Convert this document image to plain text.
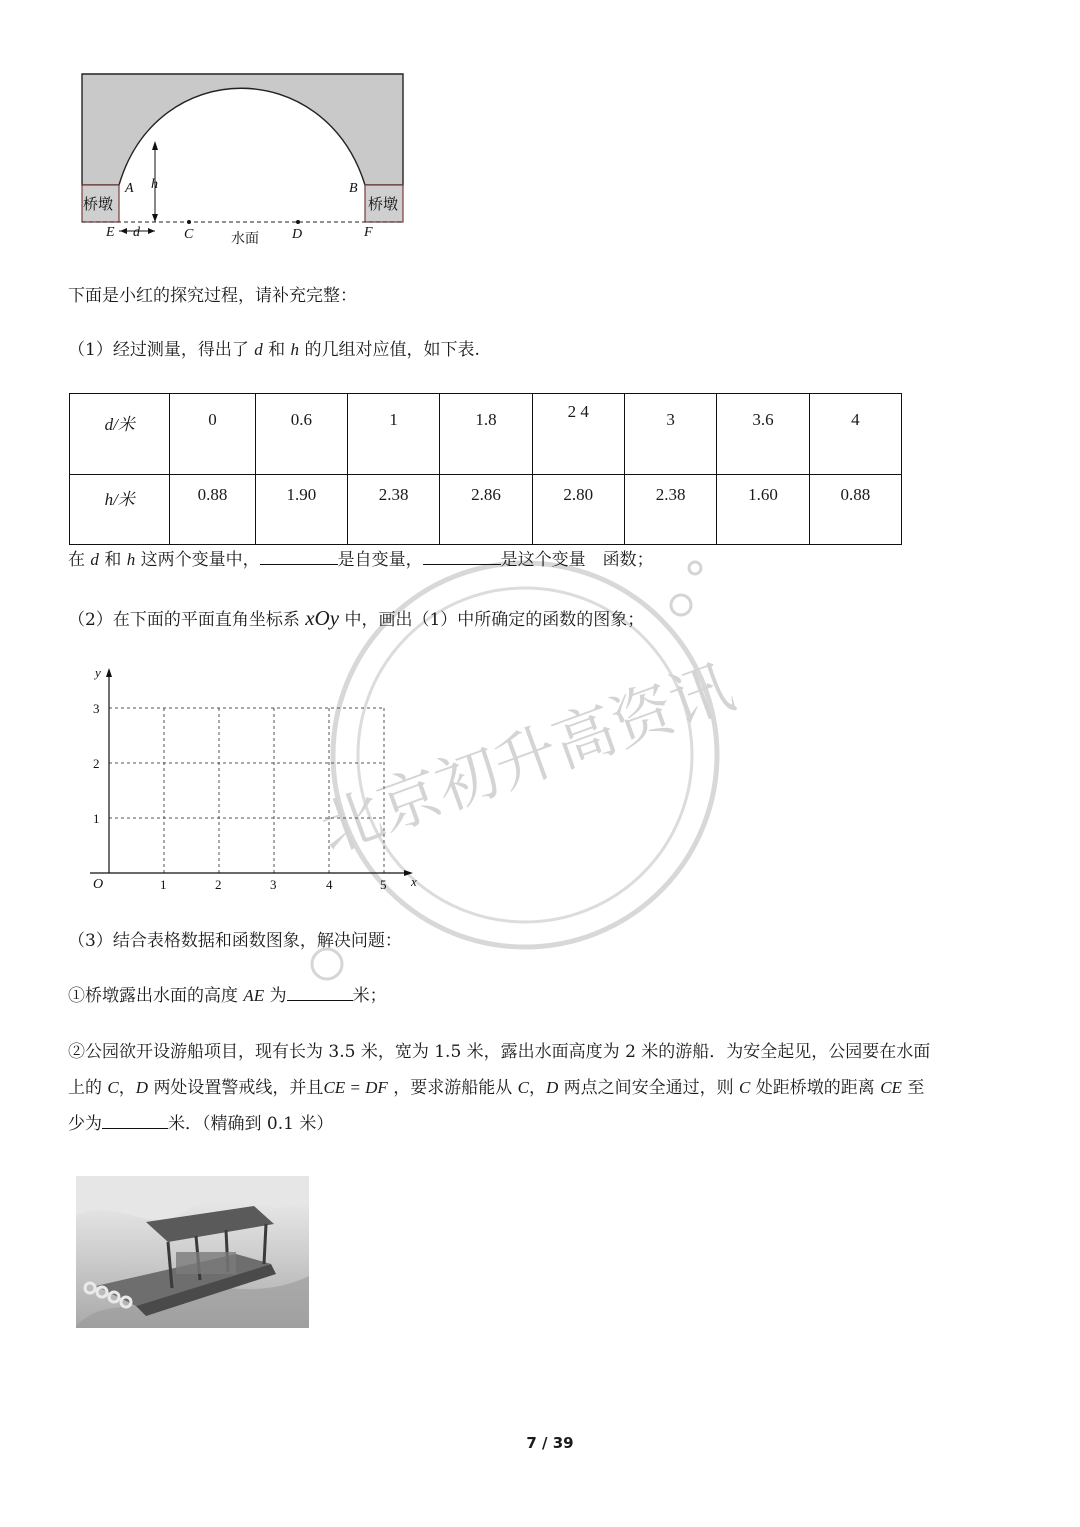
桥墩	桥墩
A	B
h
E d	C	水面 D	F
北京初升高资讯
下面是小红的探究过程，请补充完整：
（1）经过测量，得出了 d 和 h 的几组对应值，如下表.
d/米	0	0.6	1	1.8	2 4	3	3.6	4
h/米	0.88	1.90	2.38	2.86	2.80	2.38	1.60	0.88
在 d 和 h 这两个变量中，	是自变量，	是这个变量　函数；
（2）在下面的平面直角坐标系 xOy 中，画出（1）中所确定的函数的图象；
y
x
O
3
2
1
1	2	3	4	5
（3）结合表格数据和函数图象，解决问题：
①桥墩露出水面的高度 AE 为	米；
②公园欲开设游船项目，现有长为 3.5 米，宽为 1.5 米，露出水面高度为 2 米的游船．为安全起见，公园要在水面
上的 C，D 两处设置警戒线，并且CE = DF ，要求游船能从 C，D 两点之间安全通过，则 C 处距桥墩的距离 CE 至
少为	米．（精确到 0.1 米）
7 / 39
